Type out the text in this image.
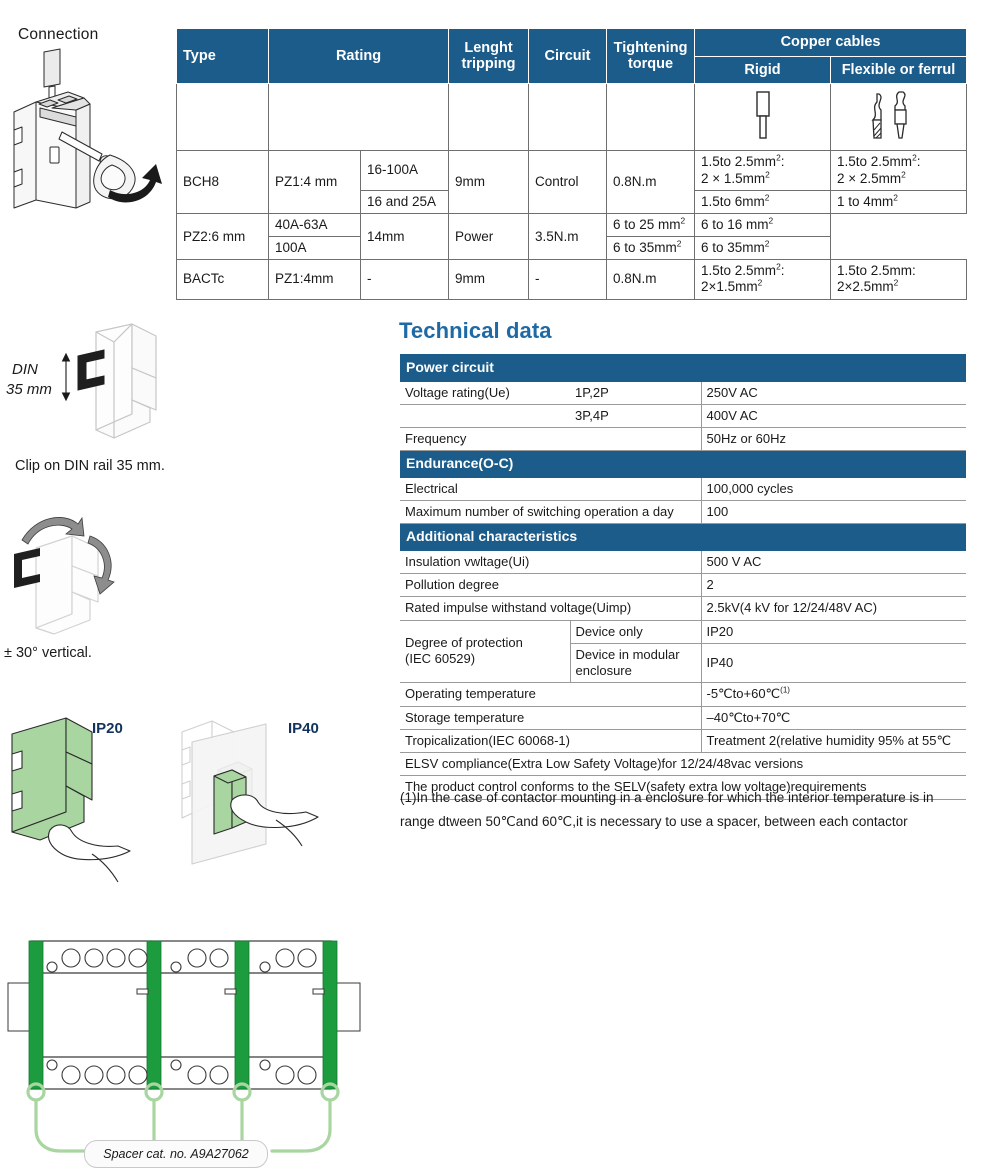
Connection
DIN
35 mm
Clip on DIN rail 35 mm.
± 30° vertical.
IP20	IP40
Spacer cat. no. A9A27062
Type	Rating		Lenght tripping	Circuit	Tightening torque	Copper cables	
						Rigid	Flexible or ferrul

BCH8	PZ1:4 mm	16-100A	9mm	Control	0.8N.m	1.5to $2.5mm^2$:
$2 \times 1.5mm^2$	1.5to $2.5mm^2$:
$2 \times 2.5mm^2$
		16 and 25A				1.5to $6mm^2$	1 to $4mm^2$
PZ2:6 mm	40A-63A	14mm	Power	3.5N.m	6 to 25 $mm^2$	6 to 16 $mm^2$
	100A				6 to $35mm^2$	6 to $35mm^2$
BACTc	PZ1:4mm	-	9mm	-	0.8N.m	1.5to $2.5mm^2$:
$2\times 1.5mm^2$	1.5to 2.5mm:
$2\times 2.5mm^2$
Technical data
Power circuit		
Voltage rating(Ue)	1P,2P	250V AC
	3P,4P	400V AC
Frequency		50Hz or 60Hz
Endurance(O-C)		
Electrical		100,000 cycles
Maximum number of switching operation a day		100
Additional characteristics		
Insulation vwltage(Ui)		500 V AC
Pollution degree		2
Rated impulse withstand voltage(Uimp)		2.5kV(4 kV for 12/24/48V AC)
Degree of protection
(IEC 60529)	Device only	IP20
	Device in modular enclosure	IP40
Operating temperature		-5℃to+60℃$^{(1)}$
Storage temperature		–40℃to+70℃
Tropicalization(IEC 60068-1)		Treatment 2(relative humidity 95% at 55℃
ELSV compliance(Extra Low Safety Voltage)for 12/24/48vac versions		
The product control conforms to the SELV(safety extra low voltage)requirements		
(1)In the case of contactor mounting in a enclosure for which the interior temperature is in range dtween 50℃and 60℃,it is necessary to use a spacer, between each contactor
